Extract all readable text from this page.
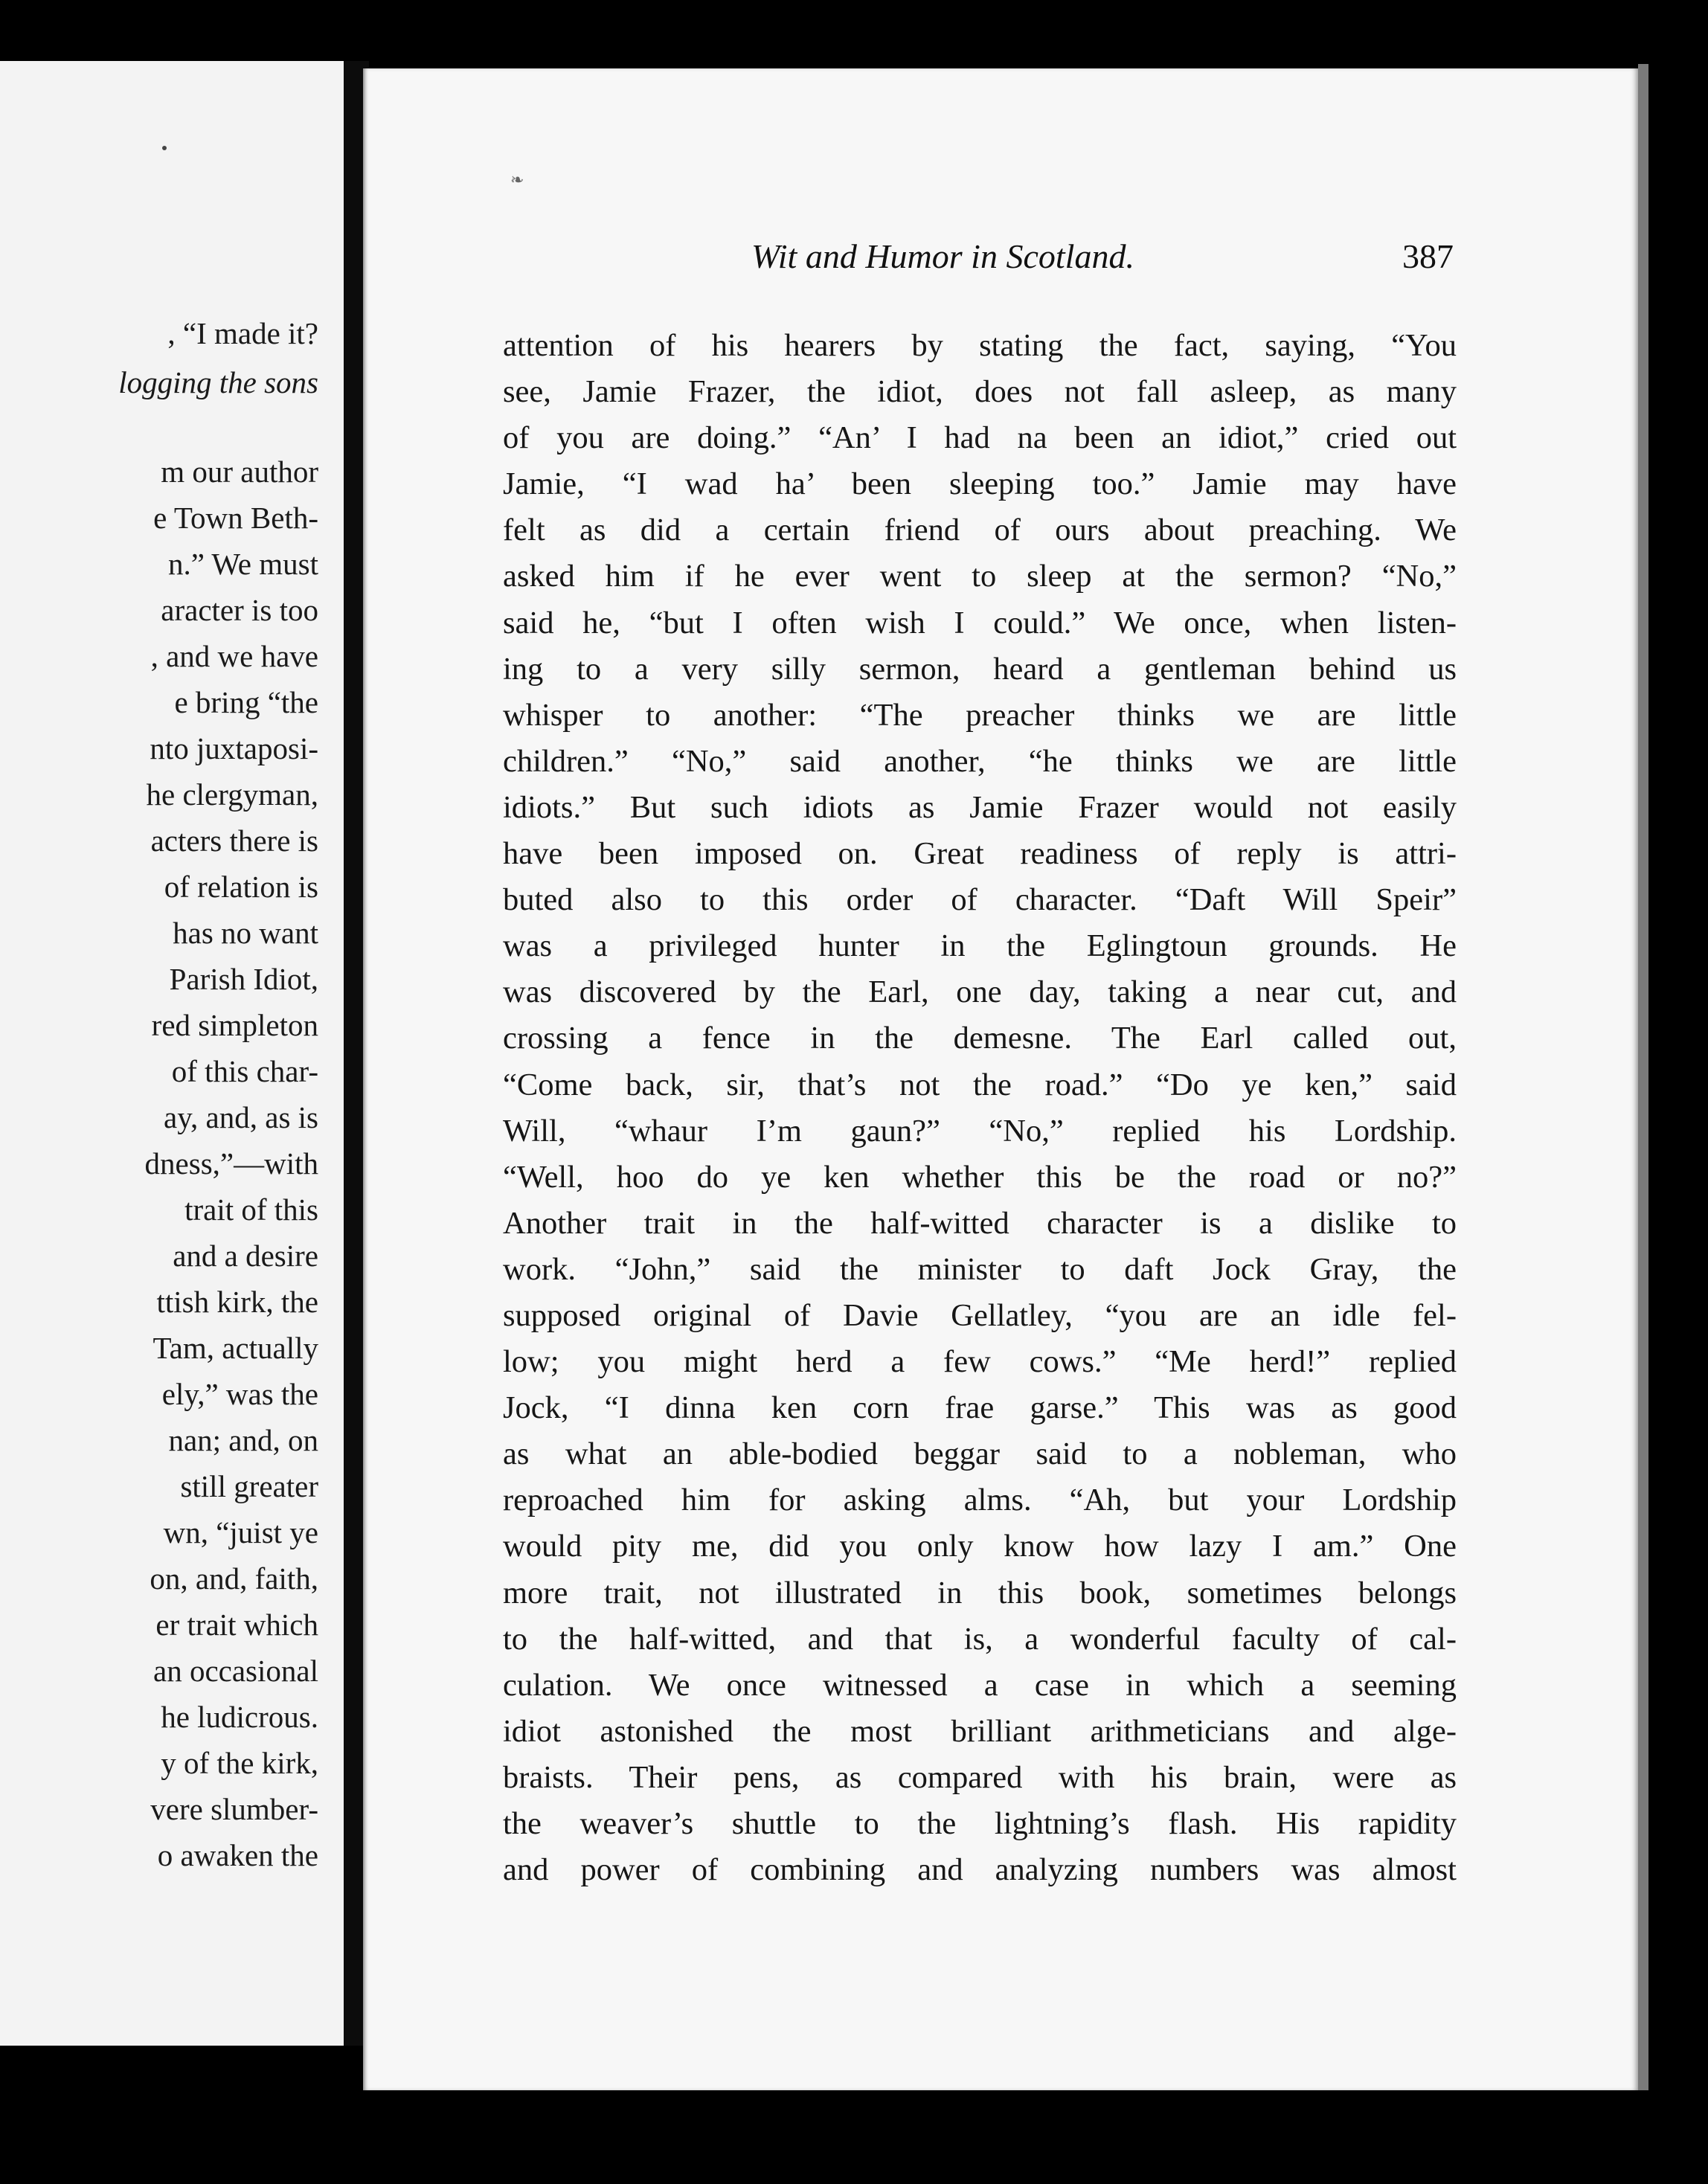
, “I made it?
logging the sons
m our author
e Town Beth-
n.” We must
aracter is too
, and we have
e bring “the
nto juxtaposi-
he clergyman,
acters there is
of relation is
has no want
Parish Idiot,
red simpleton
of this char-
ay, and, as is
dness,”—with
trait of this
and a desire
ttish kirk, the
Tam, actually
ely,” was the
nan; and, on
still greater
wn, “juist ye
on, and, faith,
er trait which
an occasional
he ludicrous.
y of the kirk,
vere slumber-
o awaken the
Wit and Humor in Scotland.	387
attention of his hearers by stating the fact, saying, “You
see, Jamie Frazer, the idiot, does not fall asleep, as many
of you are doing.” “An’ I had na been an idiot,” cried out
Jamie, “I wad ha’ been sleeping too.” Jamie may have
felt as did a certain friend of ours about preaching. We
asked him if he ever went to sleep at the sermon? “No,”
said he, “but I often wish I could.” We once, when listen-
ing to a very silly sermon, heard a gentleman behind us
whisper to another: “The preacher thinks we are little
children.” “No,” said another, “he thinks we are little
idiots.” But such idiots as Jamie Frazer would not easily
have been imposed on. Great readiness of reply is attri-
buted also to this order of character. “Daft Will Speir”
was a privileged hunter in the Eglingtoun grounds. He
was discovered by the Earl, one day, taking a near cut, and
crossing a fence in the demesne. The Earl called out,
“Come back, sir, that’s not the road.” “Do ye ken,” said
Will, “whaur I’m gaun?” “No,” replied his Lordship.
“Well, hoo do ye ken whether this be the road or no?”
Another trait in the half-witted character is a dislike to
work. “John,” said the minister to daft Jock Gray, the
supposed original of Davie Gellatley, “you are an idle fel-
low; you might herd a few cows.” “Me herd!” replied
Jock, “I dinna ken corn frae garse.” This was as good
as what an able-bodied beggar said to a nobleman, who
reproached him for asking alms. “Ah, but your Lordship
would pity me, did you only know how lazy I am.” One
more trait, not illustrated in this book, sometimes belongs
to the half-witted, and that is, a wonderful faculty of cal-
culation. We once witnessed a case in which a seeming
idiot astonished the most brilliant arithmeticians and alge-
braists. Their pens, as compared with his brain, were as
the weaver’s shuttle to the lightning’s flash. His rapidity
and power of combining and analyzing numbers was almost
❧
